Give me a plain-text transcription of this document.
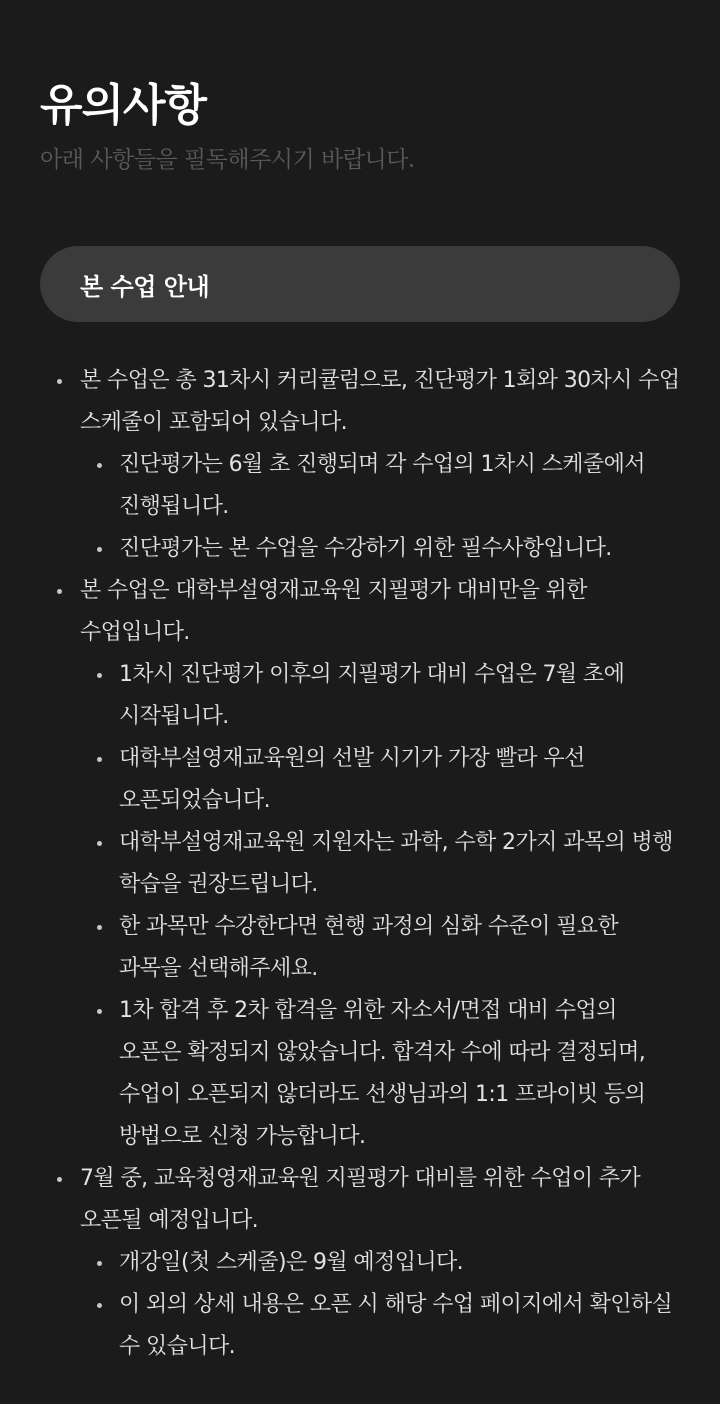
유의사항

아래 사항들을 필독해주시기 바랍니다.

본 수업 안내
본 수업은 총 31차시 커리큘럼으로, 진단평가 1회와 30차시 수업 스케줄이 포함되어 있습니다.
진단평가는 6월 초 진행되며 각 수업의 1차시 스케줄에서 진행됩니다.
진단평가는 본 수업을 수강하기 위한 필수사항입니다.
본 수업은 대학부설영재교육원 지필평가 대비만을 위한 수업입니다.
1차시 진단평가 이후의 지필평가 대비 수업은 7월 초에 시작됩니다.
대학부설영재교육원의 선발 시기가 가장 빨라 우선 오픈되었습니다.
대학부설영재교육원 지원자는 과학, 수학 2가지 과목의 병행 학습을 권장드립니다.
한 과목만 수강한다면 현행 과정의 심화 수준이 필요한 과목을 선택해주세요.
1차 합격 후 2차 합격을 위한 자소서/면접 대비 수업의 오픈은 확정되지 않았습니다. 합격자 수에 따라 결정되며, 수업이 오픈되지 않더라도 선생님과의 1:1 프라이빗 등의 방법으로 신청 가능합니다.
7월 중, 교육청영재교육원 지필평가 대비를 위한 수업이 추가 오픈될 예정입니다.
개강일(첫 스케줄)은 9월 예정입니다.
이 외의 상세 내용은 오픈 시 해당 수업 페이지에서 확인하실 수 있습니다.
